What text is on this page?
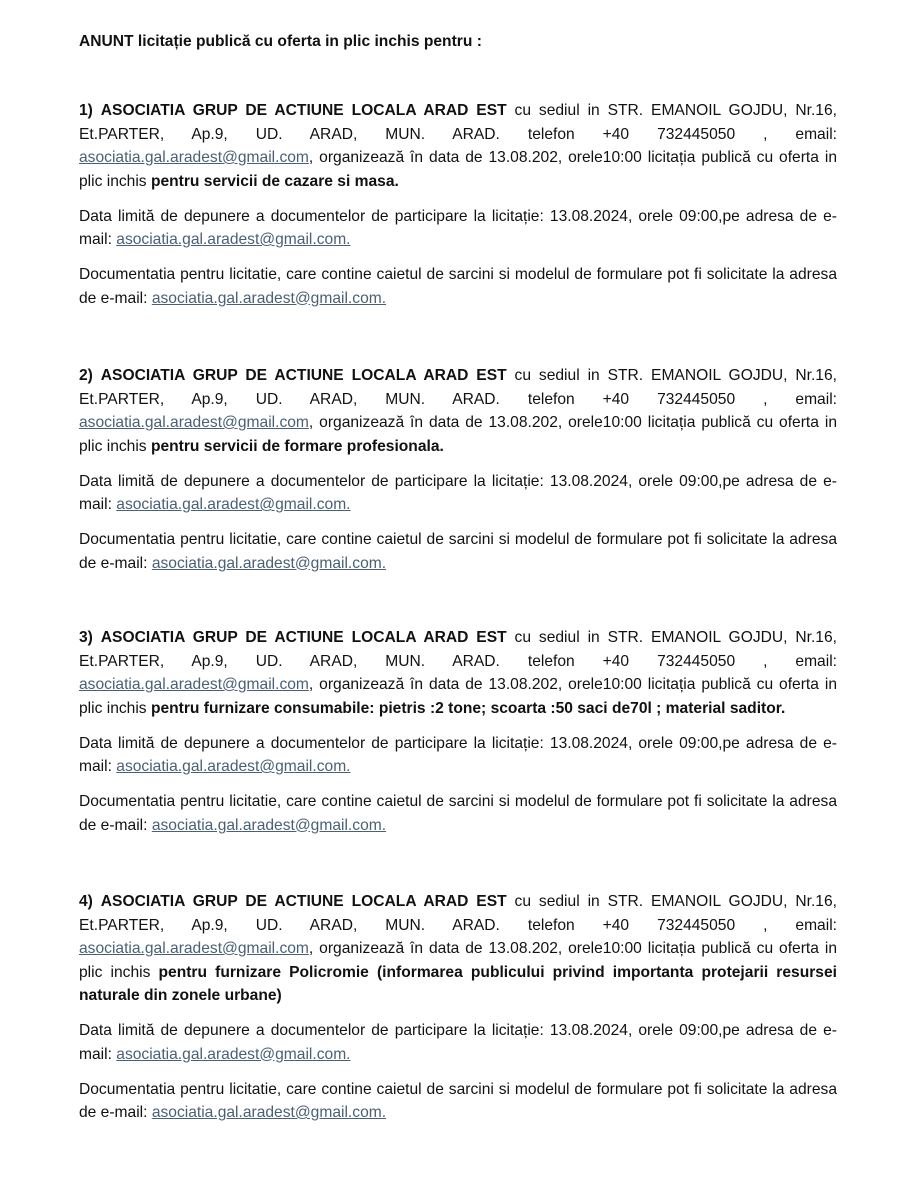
ANUNT licitație publică cu oferta in plic inchis pentru :

1) ASOCIATIA GRUP DE ACTIUNE LOCALA ARAD EST cu sediul in STR. EMANOIL GOJDU, Nr.16, Et.PARTER, Ap.9, UD. ARAD, MUN. ARAD. telefon +40 732445050 , email: asociatia.gal.aradest@gmail.com, organizează în data de 13.08.202, orele10:00 licitația publică cu oferta in plic inchis pentru servicii de cazare si masa.

Data limită de depunere a documentelor de participare la licitație: 13.08.2024, orele 09:00,pe adresa de e-mail: asociatia.gal.aradest@gmail.com.

Documentatia pentru licitatie, care contine caietul de sarcini si modelul de formulare pot fi solicitate la adresa de e-mail: asociatia.gal.aradest@gmail.com.

2) ASOCIATIA GRUP DE ACTIUNE LOCALA ARAD EST cu sediul in STR. EMANOIL GOJDU, Nr.16, Et.PARTER, Ap.9, UD. ARAD, MUN. ARAD. telefon +40 732445050 , email: asociatia.gal.aradest@gmail.com, organizează în data de 13.08.202, orele10:00 licitația publică cu oferta in plic inchis pentru servicii de formare profesionala.

Data limită de depunere a documentelor de participare la licitație: 13.08.2024, orele 09:00,pe adresa de e-mail: asociatia.gal.aradest@gmail.com.

Documentatia pentru licitatie, care contine caietul de sarcini si modelul de formulare pot fi solicitate la adresa de e-mail: asociatia.gal.aradest@gmail.com.

3) ASOCIATIA GRUP DE ACTIUNE LOCALA ARAD EST cu sediul in STR. EMANOIL GOJDU, Nr.16, Et.PARTER, Ap.9, UD. ARAD, MUN. ARAD. telefon +40 732445050 , email: asociatia.gal.aradest@gmail.com, organizează în data de 13.08.202, orele10:00 licitația publică cu oferta in plic inchis pentru furnizare consumabile: pietris :2 tone; scoarta :50 saci de70l ; material saditor.

Data limită de depunere a documentelor de participare la licitație: 13.08.2024, orele 09:00,pe adresa de e-mail: asociatia.gal.aradest@gmail.com.

Documentatia pentru licitatie, care contine caietul de sarcini si modelul de formulare pot fi solicitate la adresa de e-mail: asociatia.gal.aradest@gmail.com.

4) ASOCIATIA GRUP DE ACTIUNE LOCALA ARAD EST cu sediul in STR. EMANOIL GOJDU, Nr.16, Et.PARTER, Ap.9, UD. ARAD, MUN. ARAD. telefon +40 732445050 , email: asociatia.gal.aradest@gmail.com, organizează în data de 13.08.202, orele10:00 licitația publică cu oferta in plic inchis pentru furnizare Policromie (informarea publicului privind importanta protejarii resursei naturale din zonele urbane)

Data limită de depunere a documentelor de participare la licitație: 13.08.2024, orele 09:00,pe adresa de e-mail: asociatia.gal.aradest@gmail.com.

Documentatia pentru licitatie, care contine caietul de sarcini si modelul de formulare pot fi solicitate la adresa de e-mail: asociatia.gal.aradest@gmail.com.
